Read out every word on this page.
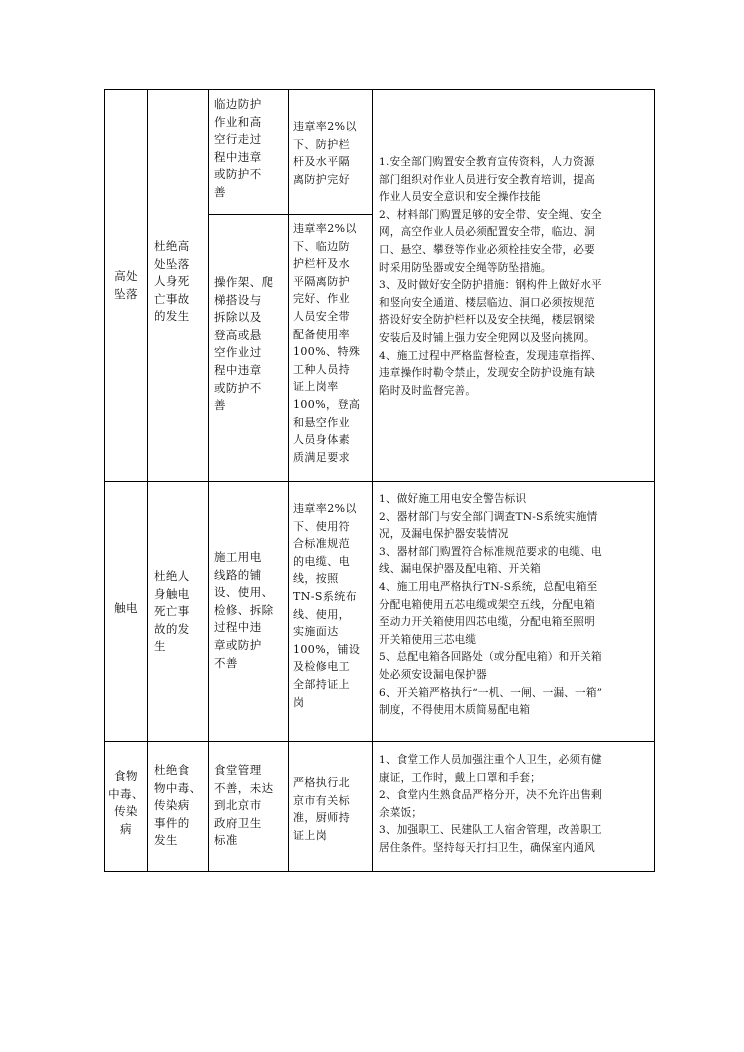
高处
坠落
杜绝高
处坠落
人身死
亡事故
的发生
临边防护
作业和高
空行走过
程中违章
或防护不
善
违章率2%以
下、防护栏
杆及水平隔
离防护完好
操作架、爬
梯搭设与
拆除以及
登高或悬
空作业过
程中违章
或防护不
善
违章率2%以
下、临边防
护栏杆及水
平隔离防护
完好、作业
人员安全带
配备使用率
100%、特殊
工种人员持
证上岗率
100%，登高
和悬空作业
人员身体素
质满足要求
1.安全部门购置安全教育宣传资料，人力资源
部门组织对作业人员进行安全教育培训，提高
作业人员安全意识和安全操作技能
2、材料部门购置足够的安全带、安全绳、安全
网，高空作业人员必须配置安全带，临边、洞
口、悬空、攀登等作业必须栓挂安全带，必要
时采用防坠器或安全绳等防坠措施。
3、及时做好安全防护措施：钢构件上做好水平
和竖向安全通道、楼层临边、洞口必须按规范
搭设好安全防护栏杆以及安全扶绳，楼层钢梁
安装后及时铺上强力安全兜网以及竖向挑网。
4、施工过程中严格监督检查，发现违章指挥、
违章操作时勒令禁止，发现安全防护设施有缺
陷时及时监督完善。
触电
杜绝人
身触电
死亡事
故的发
生
施工用电
线路的铺
设、使用、
检修、拆除
过程中违
章或防护
不善
违章率2%以
下、使用符
合标准规范
的电缆、电
线，按照
TN-S系统布
线、使用，
实施面达
100%，铺设
及检修电工
全部持证上
岗
1、做好施工用电安全警告标识
2、器材部门与安全部门调查TN-S系统实施情
况，及漏电保护器安装情况
3、器材部门购置符合标准规范要求的电缆、电
线、漏电保护器及配电箱、开关箱
4、施工用电严格执行TN-S系统，总配电箱至
分配电箱使用五芯电缆或架空五线，分配电箱
至动力开关箱使用四芯电缆，分配电箱至照明
开关箱使用三芯电缆
5、总配电箱各回路处（或分配电箱）和开关箱
处必须安设漏电保护器
6、开关箱严格执行“一机、一闸、一漏、一箱”
制度，不得使用木质简易配电箱
食物
中毒、
传染
病
杜绝食
物中毒、
传染病
事件的
发生
食堂管理
不善，未达
到北京市
政府卫生
标准
严格执行北
京市有关标
准，厨师持
证上岗
1、食堂工作人员加强注重个人卫生，必须有健
康证，工作时，戴上口罩和手套；
2、食堂内生熟食品严格分开，决不允许出售剩
余菜饭；
3、加强职工、民建队工人宿舍管理，改善职工
居住条件。坚持每天打扫卫生，确保室内通风
